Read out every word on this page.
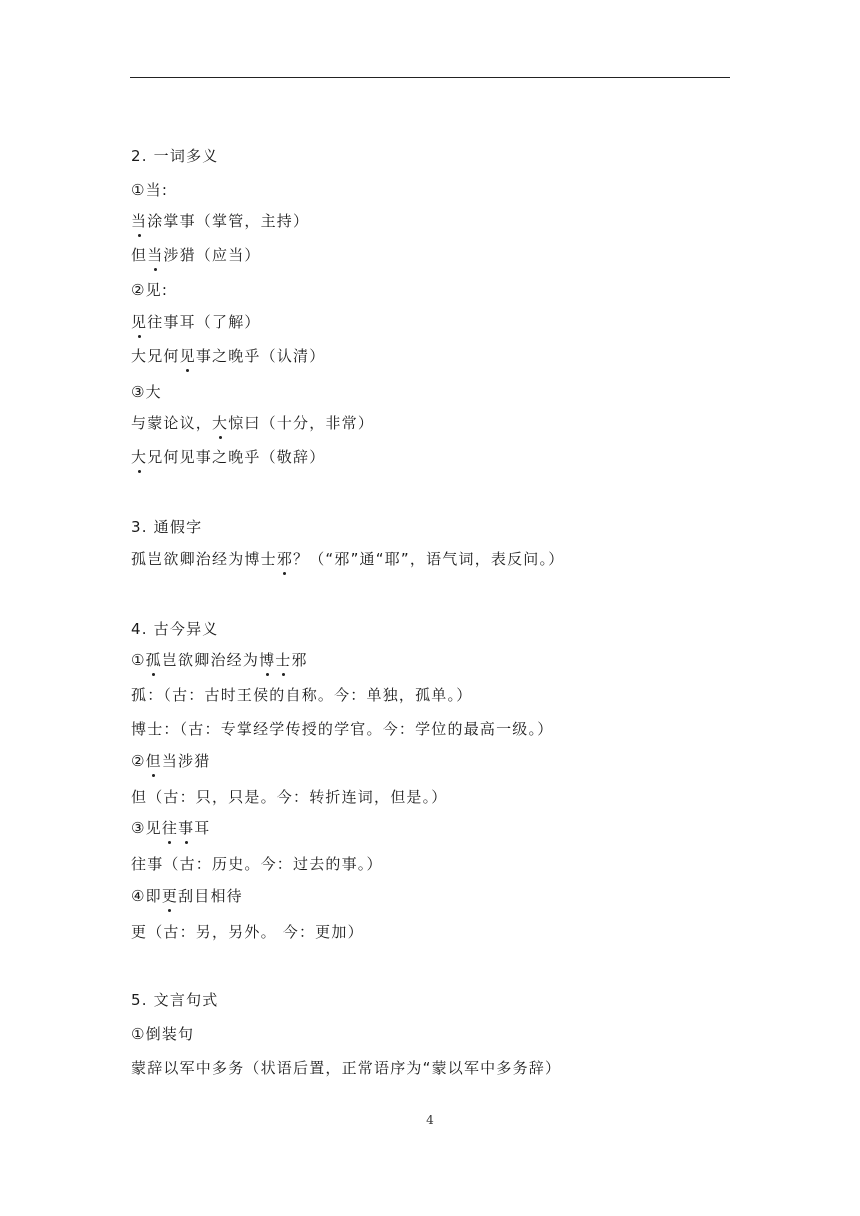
2. 一词多义
①当:
当涂掌事（掌管，主持）
但当涉猎（应当）
②见:
见往事耳（了解）
大兄何见事之晚乎（认清）
③大
与蒙论议，大惊曰（十分，非常）
大兄何见事之晚乎（敬辞）
3. 通假字
孤岂欲卿治经为博士邪？（“邪”通“耶”，语气词，表反问。）
4. 古今异义
①孤岂欲卿治经为博士邪
孤：（古：古时王侯的自称。今：单独，孤单。）
博士：（古：专掌经学传授的学官。今：学位的最高一级。）
②但当涉猎
但（古：只，只是。今：转折连词，但是。）
③见往事耳
往事（古：历史。今：过去的事。）
④即更刮目相待
更（古：另，另外。 今：更加）
5. 文言句式
①倒装句
蒙辞以军中多务（状语后置，正常语序为“蒙以军中多务辞）
4
